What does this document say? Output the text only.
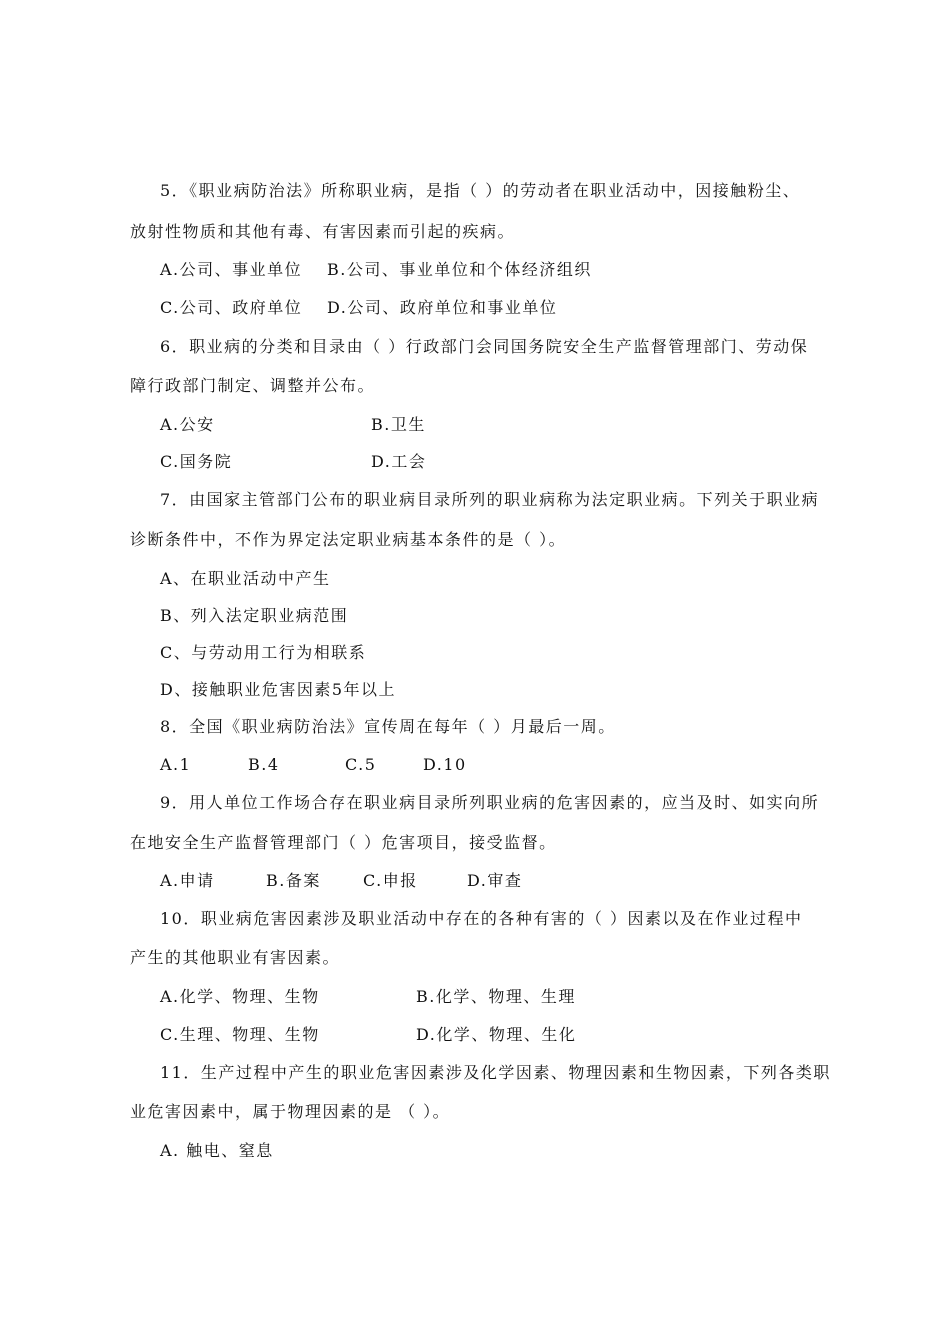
5．《职业病防治法》所称职业病，是指（ ）的劳动者在职业活动中，因接触粉尘、
放射性物质和其他有毒、有害因素而引起的疾病。
A.公司、事业单位 B.公司、事业单位和个体经济组织
C.公司、政府单位 D.公司、政府单位和事业单位
6．职业病的分类和目录由（ ）行政部门会同国务院安全生产监督管理部门、劳动保
障行政部门制定、调整并公布。
A.公安	B.卫生
C.国务院	D.工会
7．由国家主管部门公布的职业病目录所列的职业病称为法定职业病。下列关于职业病
诊断条件中，不作为界定法定职业病基本条件的是（ ）。
A、在职业活动中产生
B、列入法定职业病范围
C、与劳动用工行为相联系
D、接触职业危害因素5年以上
8．全国《职业病防治法》宣传周在每年（ ）月最后一周。
A.1	B.4	C.5	D.10
9．用人单位工作场合存在职业病目录所列职业病的危害因素的，应当及时、如实向所
在地安全生产监督管理部门（ ）危害项目，接受监督。
A.申请	B.备案	C.申报	D.审查
10．职业病危害因素涉及职业活动中存在的各种有害的（ ）因素以及在作业过程中
产生的其他职业有害因素。
A.化学、物理、生物	B.化学、物理、生理
C.生理、物理、生物	D.化学、物理、生化
11．生产过程中产生的职业危害因素涉及化学因素、物理因素和生物因素，下列各类职
业危害因素中，属于物理因素的是 （ ）。
A. 触电、窒息
